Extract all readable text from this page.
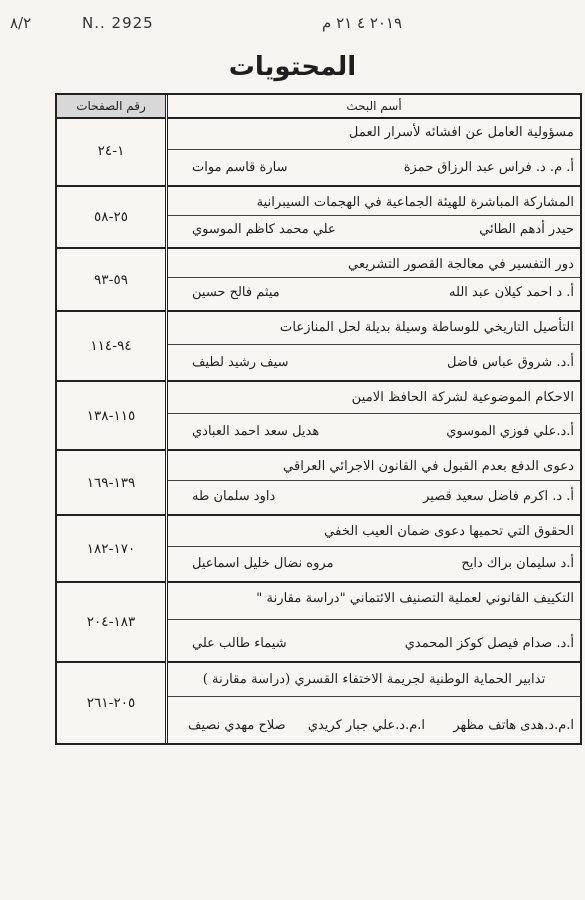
٨/٢	N.. 2925	٢٠١٩ ٤ ٢١ م
المحتويات
أسم البحث
مسؤولية العامل عن افشائه لأسرار العمل
أ. م. د. فراس عبد الرزاق حمزة
سارة قاسم موات
المشاركة المباشرة للهيئة الجماعية في الهجمات السيبرانية
حيدر أدهم الطائي
علي محمد كاظم الموسوي
دور التفسير في معالجة القصور التشريعي
أ. د احمد كيلان عبد الله
ميثم فالح حسين
التأصيل التاريخي للوساطة وسيلة بديلة لحل المنازعات
أ.د. شروق عباس فاضل
سيف رشيد لطيف
الاحكام الموضوعية لشركة الحافظ الامين
أ.د.علي فوزي الموسوي
هديل سعد احمد العبادي
دعوى الدفع بعدم القبول في القانون الاجرائي العراقي
أ. د. اكرم فاضل سعيد قصير
داود سلمان طه
الحقوق التي تحميها دعوى ضمان العيب الخفي
أ.د سليمان براك دايح
مروه نضال خليل اسماعيل
التكييف القانوني لعملية التصنيف الائتماني "دراسة مقارنة "
أ.د. صدام فيصل كوكز المحمدي
شيماء طالب علي
تدابير الحماية الوطنية لجريمة الاختفاء القسري (دراسة مقارنة )
ا.م.د.هدى هاتف مظهر
ا.م.د.علي جبار كريدي
صلاح مهدي نصيف
رقم الصفحات
١-٢٤
٢٥-٥٨
٥٩-٩٣
٩٤-١١٤
١١٥-١٣٨
١٣٩-١٦٩
١٧٠-١٨٢
١٨٣-٢٠٤
٢٠٥-٢٦١
